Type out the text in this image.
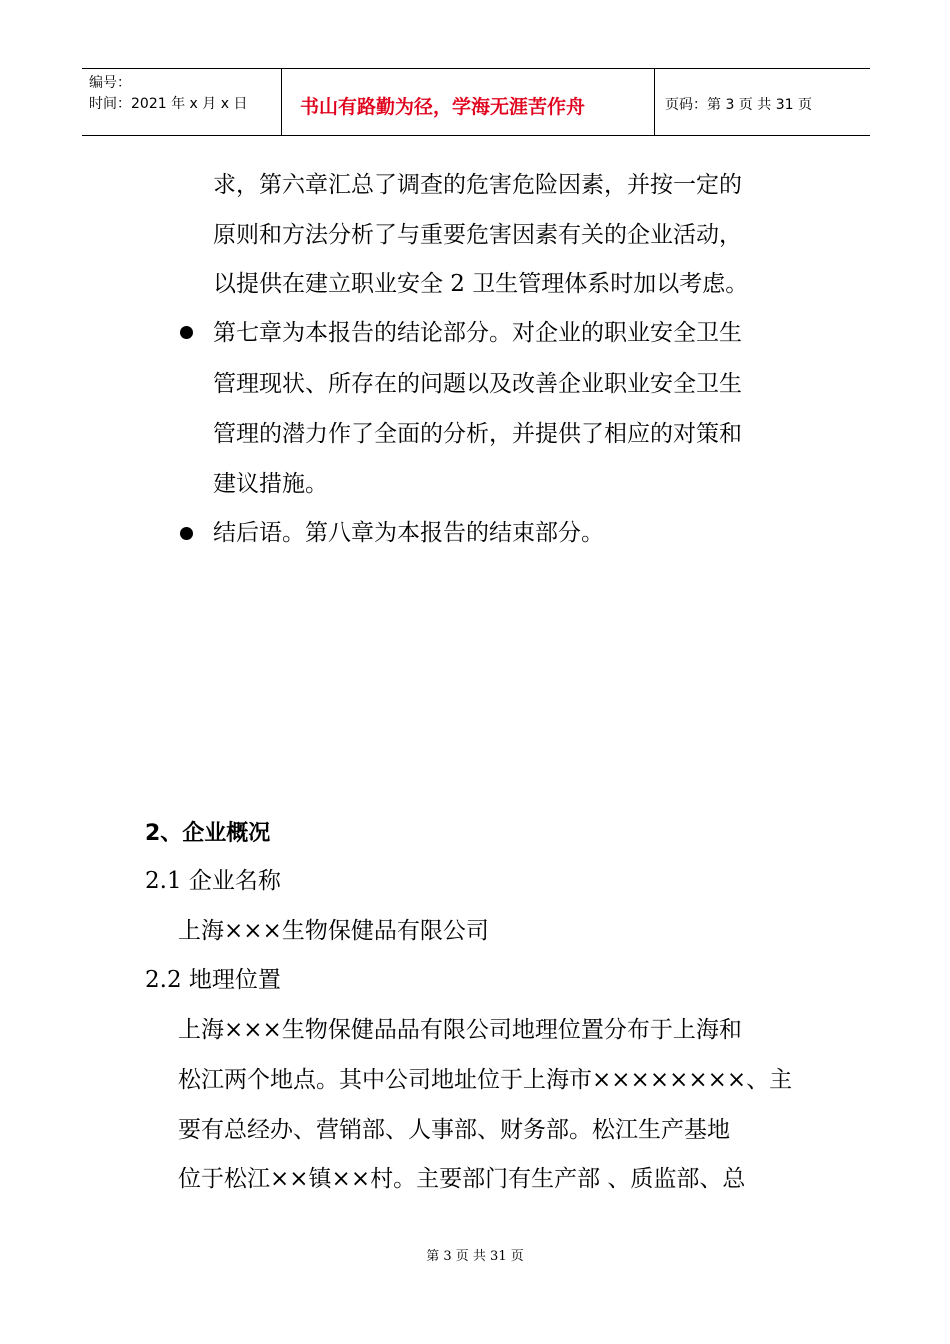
编号：
时间：2021 年 x 月 x 日	书山有路勤为径，学海无涯苦作舟	页码：第 3 页 共 31 页
求，第六章汇总了调查的危害危险因素，并按一定的
原则和方法分析了与重要危害因素有关的企业活动，
以提供在建立职业安全 2 卫生管理体系时加以考虑。
第七章为本报告的结论部分。对企业的职业安全卫生
管理现状、所存在的问题以及改善企业职业安全卫生
管理的潜力作了全面的分析，并提供了相应的对策和
建议措施。
结后语。第八章为本报告的结束部分。
2、企业概况
2.1 企业名称
上海×××生物保健品有限公司
2.2 地理位置
上海×××生物保健品品有限公司地理位置分布于上海和
松江两个地点。其中公司地址位于上海市××××××××、主
要有总经办、营销部、人事部、财务部。松江生产基地
位于松江××镇××村。主要部门有生产部 、质监部、总
第 3 页 共 31 页
